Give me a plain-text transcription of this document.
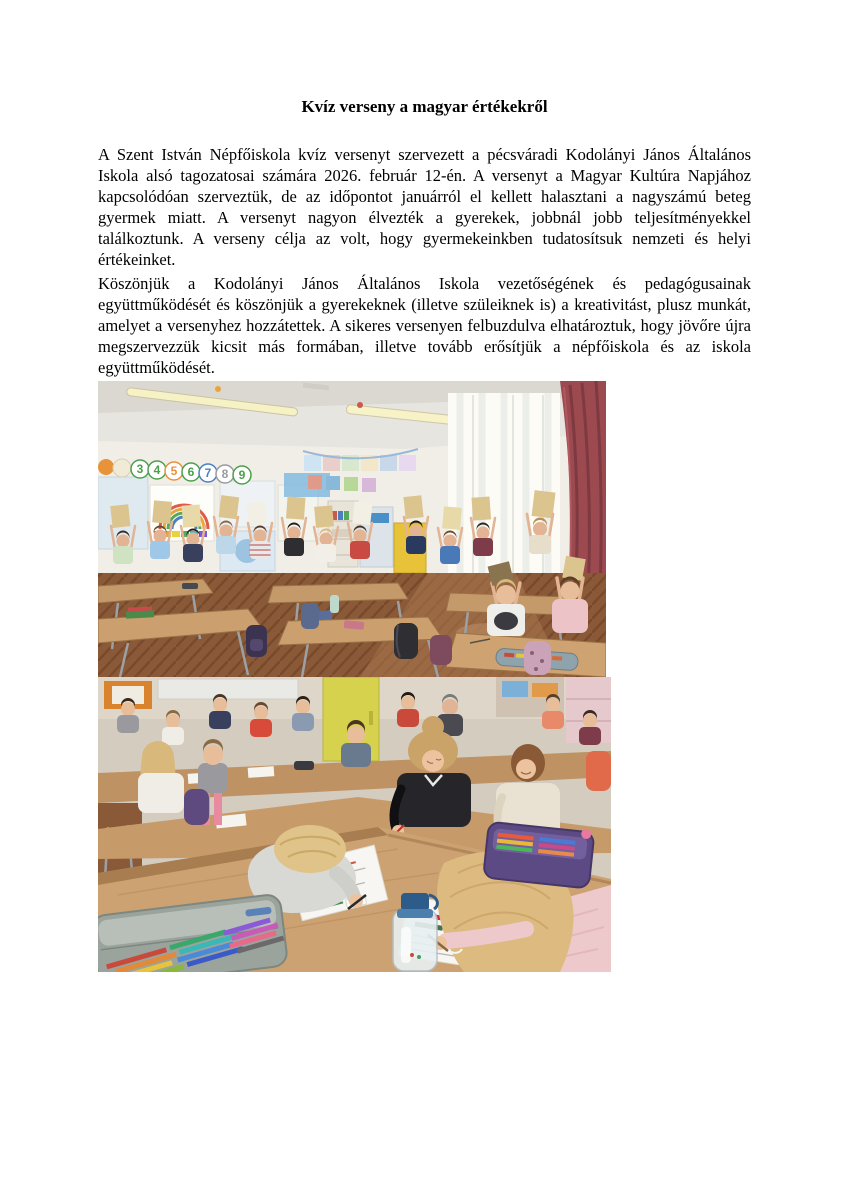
Kvíz verseny a magyar értékekről

A Szent István Népfőiskola kvíz versenyt szervezett a pécsváradi Kodolányi János Általános Iskola alsó tagozatosai számára 2026. február 12-én. A versenyt a Magyar Kultúra Napjához kapcsolódóan szerveztük, de az időpontot januárról el kellett halasztani a nagyszámú beteg gyermek miatt. A versenyt nagyon élvezték a gyerekek, jobbnál jobb teljesítményekkel találkoztunk. A verseny célja az volt, hogy gyermekeinkben tudatosítsuk nemzeti és helyi értékeinket.

Köszönjük a Kodolányi János Általános Iskola vezetőségének és pedagógusainak együttműködését és köszönjük a gyerekeknek (illetve szüleiknek is) a kreativitást, plusz munkát, amelyet a versenyhez hozzátettek. A sikeres versenyen felbuzdulva elhatároztuk, hogy jövőre újra megszervezzük kicsit más formában, illetve tovább erősítjük a népfőiskola és az iskola együttműködését.

3 4 5 6 7 8 9
